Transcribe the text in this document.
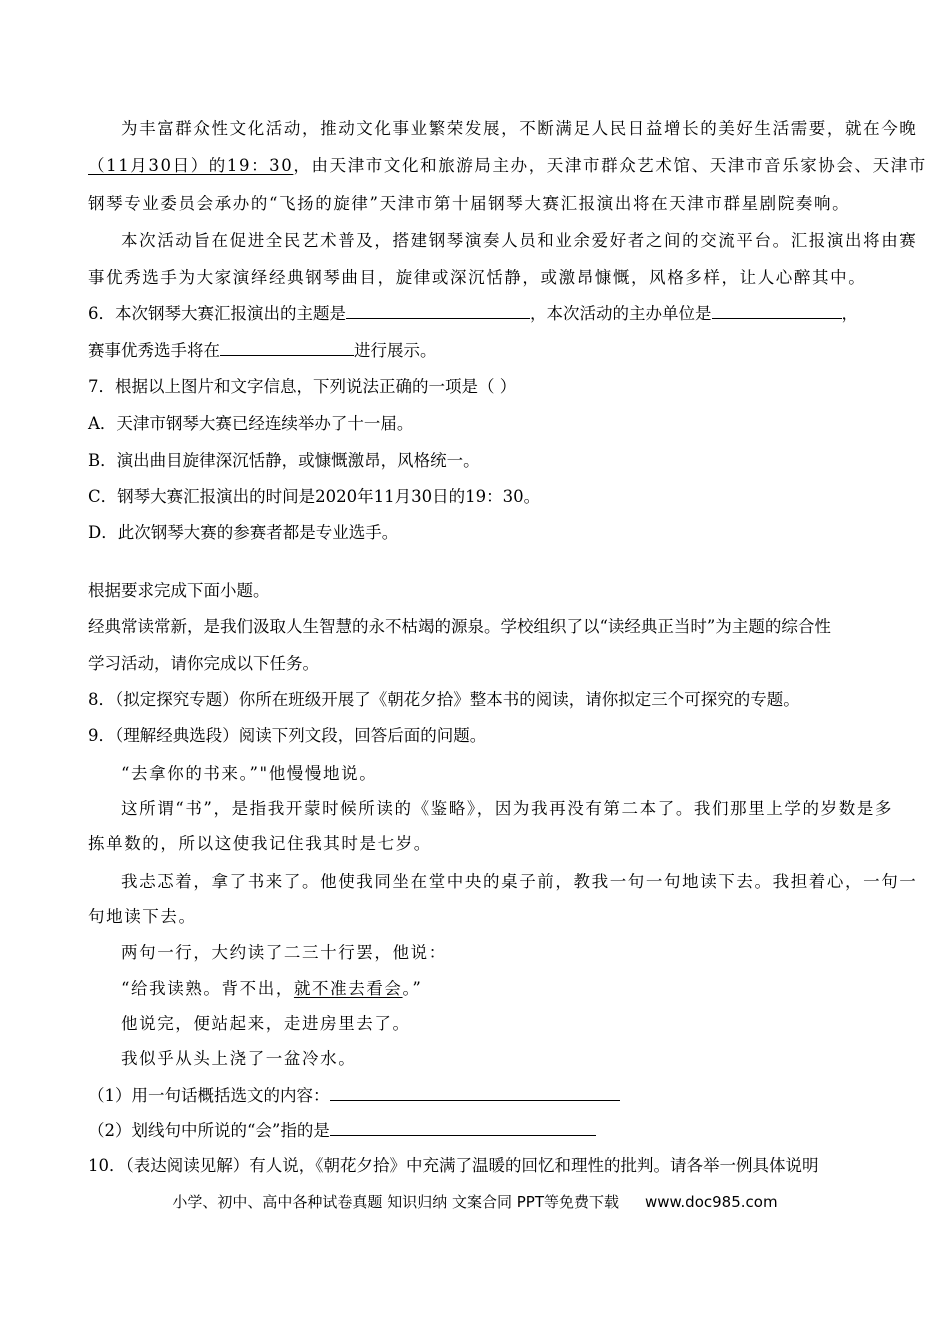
为丰富群众性文化活动，推动文化事业繁荣发展，不断满足人民日益增长的美好生活需要，就在今晚
（11月30日）的19：30，由天津市文化和旅游局主办，天津市群众艺术馆、天津市音乐家协会、天津市
钢琴专业委员会承办的“飞扬的旋律”天津市第十届钢琴大赛汇报演出将在天津市群星剧院奏响。
本次活动旨在促进全民艺术普及，搭建钢琴演奏人员和业余爱好者之间的交流平台。汇报演出将由赛
事优秀选手为大家演绎经典钢琴曲目，旋律或深沉恬静，或激昂慷慨，风格多样，让人心醉其中。
6．本次钢琴大赛汇报演出的主题是	，本次活动的主办单位是	，
赛事优秀选手将在	进行展示。
7．根据以上图片和文字信息，下列说法正确的一项是（ ）
A．天津市钢琴大赛已经连续举办了十一届。
B．演出曲目旋律深沉恬静，或慷慨激昂，风格统一。
C．钢琴大赛汇报演出的时间是2020年11月30日的19：30。
D．此次钢琴大赛的参赛者都是专业选手。
根据要求完成下面小题。
经典常读常新，是我们汲取人生智慧的永不枯竭的源泉。学校组织了以“读经典正当时”为主题的综合性
学习活动，请你完成以下任务。
8．（拟定探究专题）你所在班级开展了《朝花夕拾》整本书的阅读，请你拟定三个可探究的专题。
9．（理解经典选段）阅读下列文段，回答后面的问题。
“去拿你的书来。”"他慢慢地说。
这所谓“书”，是指我开蒙时候所读的《鉴略》，因为我再没有第二本了。我们那里上学的岁数是多
拣单数的，所以这使我记住我其时是七岁。
我忐忑着，拿了书来了。他使我同坐在堂中央的桌子前，教我一句一句地读下去。我担着心，一句一
句地读下去。
两句一行，大约读了二三十行罢，他说：
“给我读熟。背不出，就不准去看会。”
他说完，便站起来，走进房里去了。
我似乎从头上浇了一盆冷水。
（1）用一句话概括选文的内容：
（2）划线句中所说的“会”指的是
10．（表达阅读见解）有人说，《朝花夕拾》中充满了温暖的回忆和理性的批判。请各举一例具体说明
小学、初中、高中各种试卷真题 知识归纳 文案合同 PPT等免费下载 www.doc985.com
